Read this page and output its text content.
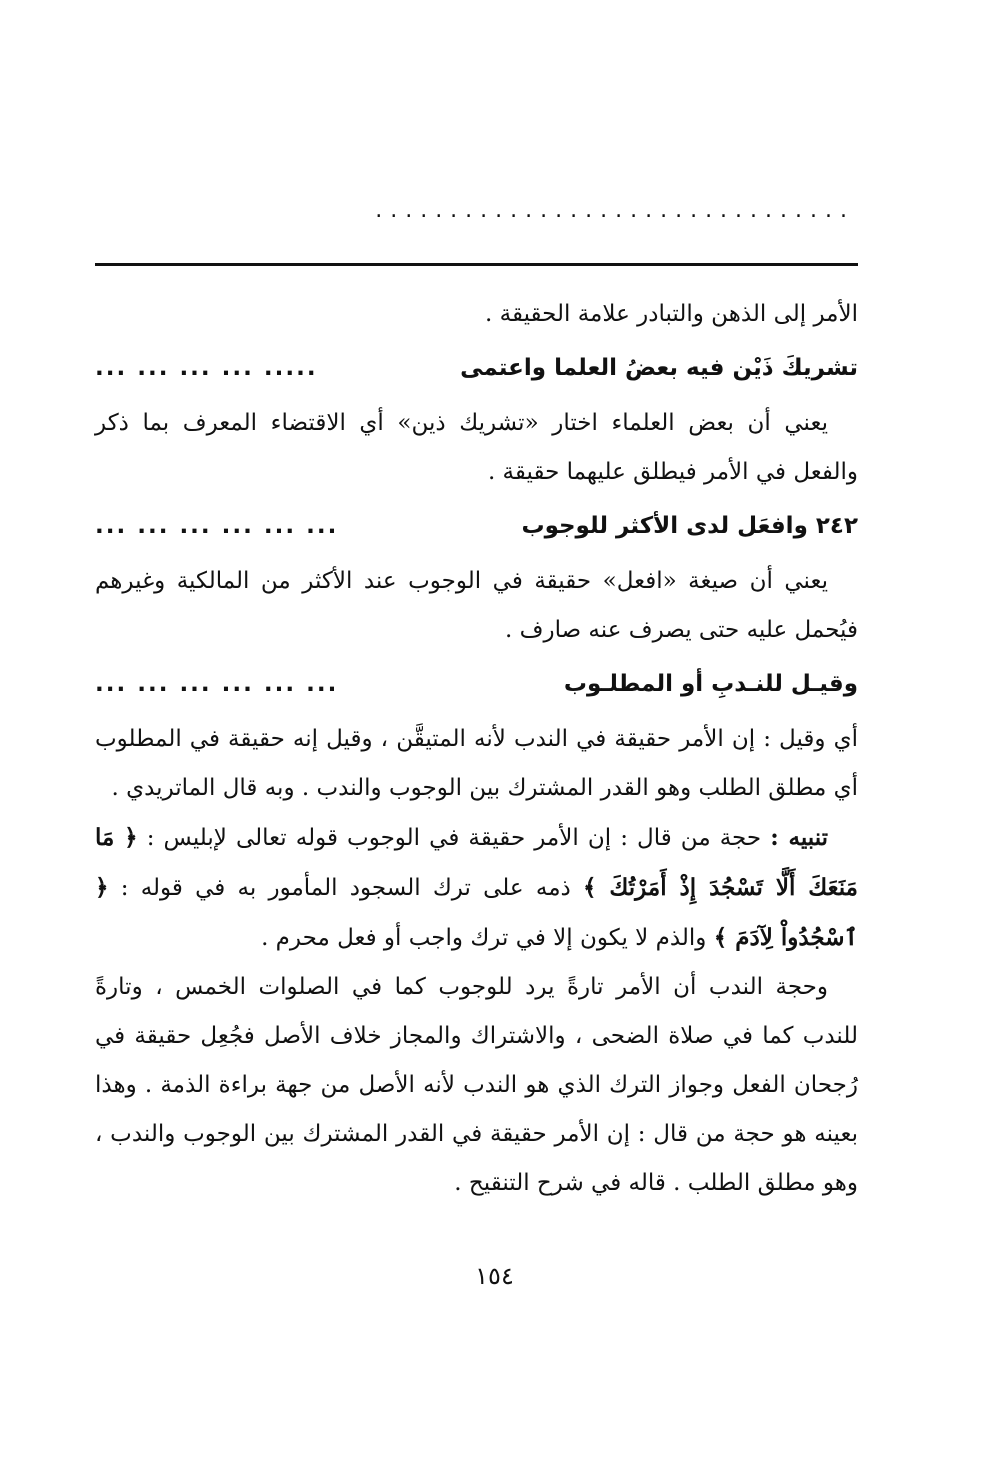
................................

الأمر إلى الذهن والتبادر علامة الحقيقة .

تشريكَ ذَيْن فيه بعضُ العلما واعتمى
... ... ... ... .....

يعني أن بعض العلماء اختار «تشريك ذين» أي الاقتضاء المعرف بما ذكر والفعل في الأمر فيطلق عليهما حقيقة .

٢٤٢ وافعَل لدى الأكثر للوجوب
... ... ... ... ... ...

يعني أن صيغة «افعل» حقيقة في الوجوب عند الأكثر من المالكية وغيرهم فيُحمل عليه حتى يصرف عنه صارف .

وقيـل للنـدبِ أو المطلـوب
... ... ... ... ... ...

أي وقيل : إن الأمر حقيقة في الندب لأنه المتيقَّن ، وقيل إنه حقيقة في المطلوب أي مطلق الطلب وهو القدر المشترك بين الوجوب والندب . وبه قال الماتريدي .

تنبيه : حجة من قال : إن الأمر حقيقة في الوجوب قوله تعالى لإبليس : ﴿ مَا مَنَعَكَ أَلَّا تَسْجُدَ إِذْ أَمَرْتُكَ ﴾ ذمه على ترك السجود المأمور به في قوله : ﴿ ٱسْجُدُواْ لِآدَمَ ﴾ والذم لا يكون إلا في ترك واجب أو فعل محرم .

وحجة الندب أن الأمر تارةً يرد للوجوب كما في الصلوات الخمس ، وتارةً للندب كما في صلاة الضحى ، والاشتراك والمجاز خلاف الأصل فجُعِل حقيقة في رُجحان الفعل وجواز الترك الذي هو الندب لأنه الأصل من جهة براءة الذمة . وهذا بعينه هو حجة من قال : إن الأمر حقيقة في القدر المشترك بين الوجوب والندب ، وهو مطلق الطلب . قاله في شرح التنقيح .

١٥٤
